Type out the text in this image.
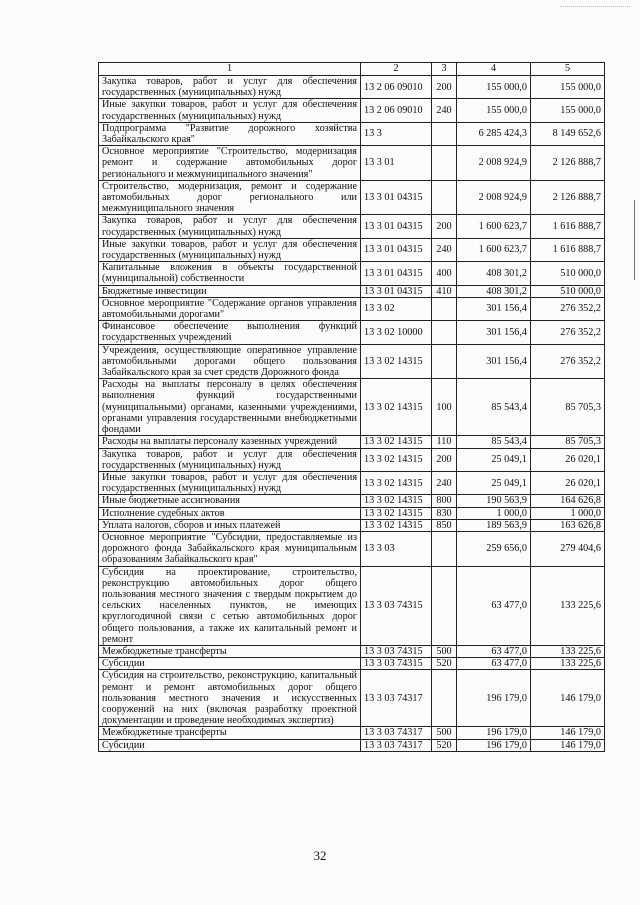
1	2	3	4	5
Закупка товаров, работ и услуг для обеспечения государственных (муниципальных) нужд	13 2 06 09010	200	155 000,0	155 000,0
Иные закупки товаров, работ и услуг для обеспечения государственных (муниципальных) нужд	13 2 06 09010	240	155 000,0	155 000,0
Подпрограмма "Развитие дорожного хозяйства Забайкальского края"	13 3		6 285 424,3	8 149 652,6
Основное мероприятие "Строительство, модернизация ремонт и содержание автомобильных дорог регионального и межмуниципального значения"	13 3 01		2 008 924,9	2 126 888,7
Строительство, модернизация, ремонт и содержание автомобильных дорог регионального или межмуниципального значения	13 3 01 04315		2 008 924,9	2 126 888,7
Закупка товаров, работ и услуг для обеспечения государственных (муниципальных) нужд	13 3 01 04315	200	1 600 623,7	1 616 888,7
Иные закупки товаров, работ и услуг для обеспечения государственных (муниципальных) нужд	13 3 01 04315	240	1 600 623,7	1 616 888,7
Капитальные вложения в объекты государственной (муниципальной) собственности	13 3 01 04315	400	408 301,2	510 000,0
Бюджетные инвестиции	13 3 01 04315	410	408 301,2	510 000,0
Основное мероприятие "Содержание органов управления автомобильными дорогами"	13 3 02		301 156,4	276 352,2
Финансовое обеспечение выполнения функций государственных учреждений	13 3 02 10000		301 156,4	276 352,2
Учреждения, осуществляющие оперативное управление автомобильными дорогами общего пользования Забайкальского края за счет средств Дорожного фонда	13 3 02 14315		301 156,4	276 352,2
Расходы на выплаты персоналу в целях обеспечения выполнения функций государственными (муниципальными) органами, казенными учреждениями, органами управления государственными внебюджетными фондами	13 3 02 14315	100	85 543,4	85 705,3
Расходы на выплаты персоналу казенных учреждений	13 3 02 14315	110	85 543,4	85 705,3
Закупка товаров, работ и услуг для обеспечения государственных (муниципальных) нужд	13 3 02 14315	200	25 049,1	26 020,1
Иные закупки товаров, работ и услуг для обеспечения государственных (муниципальных) нужд	13 3 02 14315	240	25 049,1	26 020,1
Иные бюджетные ассигнования	13 3 02 14315	800	190 563,9	164 626,8
Исполнение судебных актов	13 3 02 14315	830	1 000,0	1 000,0
Уплата налогов, сборов и иных платежей	13 3 02 14315	850	189 563,9	163 626,8
Основное мероприятие "Субсидии, предоставляемые из дорожного фонда Забайкальского края муниципальным образованиям Забайкальского края"	13 3 03		259 656,0	279 404,6
Субсидия на проектирование, строительство, реконструкцию автомобильных дорог общего пользования местного значения с твердым покрытием до сельских населенных пунктов, не имеющих круглогодичной связи с сетью автомобильных дорог общего пользования, а также их капитальный ремонт и ремонт	13 3 03 74315		63 477,0	133 225,6
Межбюджетные трансферты	13 3 03 74315	500	63 477,0	133 225,6
Субсидии	13 3 03 74315	520	63 477,0	133 225,6
Субсидия на строительство, реконструкцию, капитальный ремонт и ремонт автомобильных дорог общего пользования местного значения и искусственных сооружений на них (включая разработку проектной документации и проведение необходимых экспертиз)	13 3 03 74317		196 179,0	146 179,0
Межбюджетные трансферты	13 3 03 74317	500	196 179,0	146 179,0
Субсидии	13 3 03 74317	520	196 179,0	146 179,0
32
